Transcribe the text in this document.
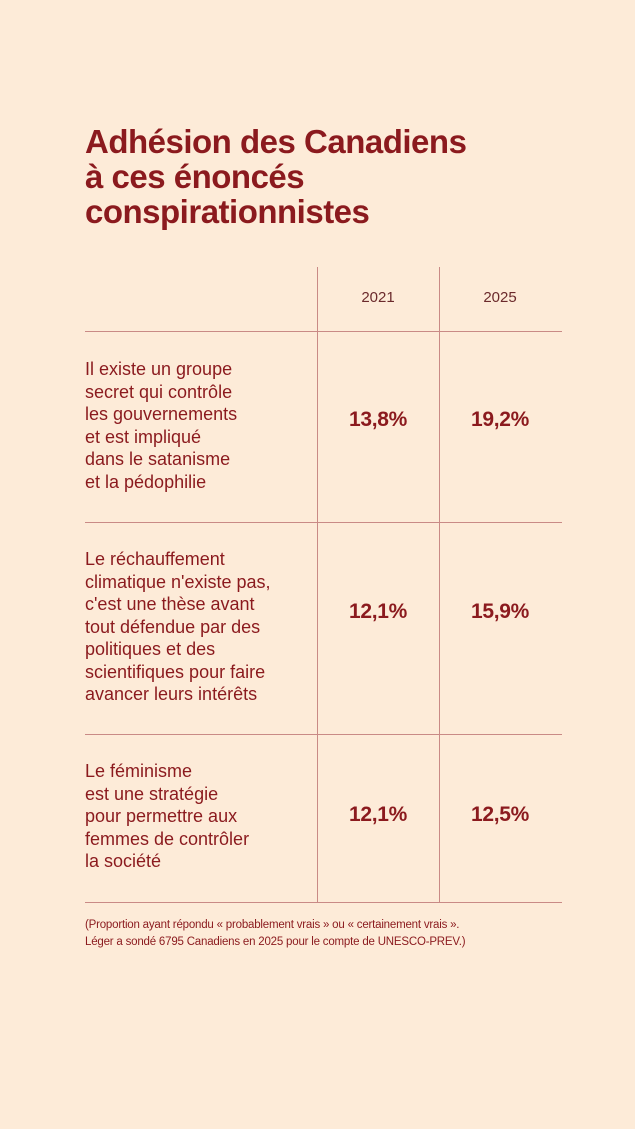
Adhésion des Canadiens
à ces énoncés
conspirationnistes
2021	2025
Il existe un groupe
secret qui contrôle
les gouvernements
et est impliqué
dans le satanisme
et la pédophilie
13,8%	19,2%
Le réchauffement
climatique n'existe pas,
c'est une thèse avant
tout défendue par des
politiques et des
scientifiques pour faire
avancer leurs intérêts
12,1%	15,9%
Le féminisme
est une stratégie
pour permettre aux
femmes de contrôler
la société
12,1%	12,5%
(Proportion ayant répondu « probablement vrais » ou « certainement vrais ».
Léger a sondé 6795 Canadiens en 2025 pour le compte de UNESCO-PREV.)
